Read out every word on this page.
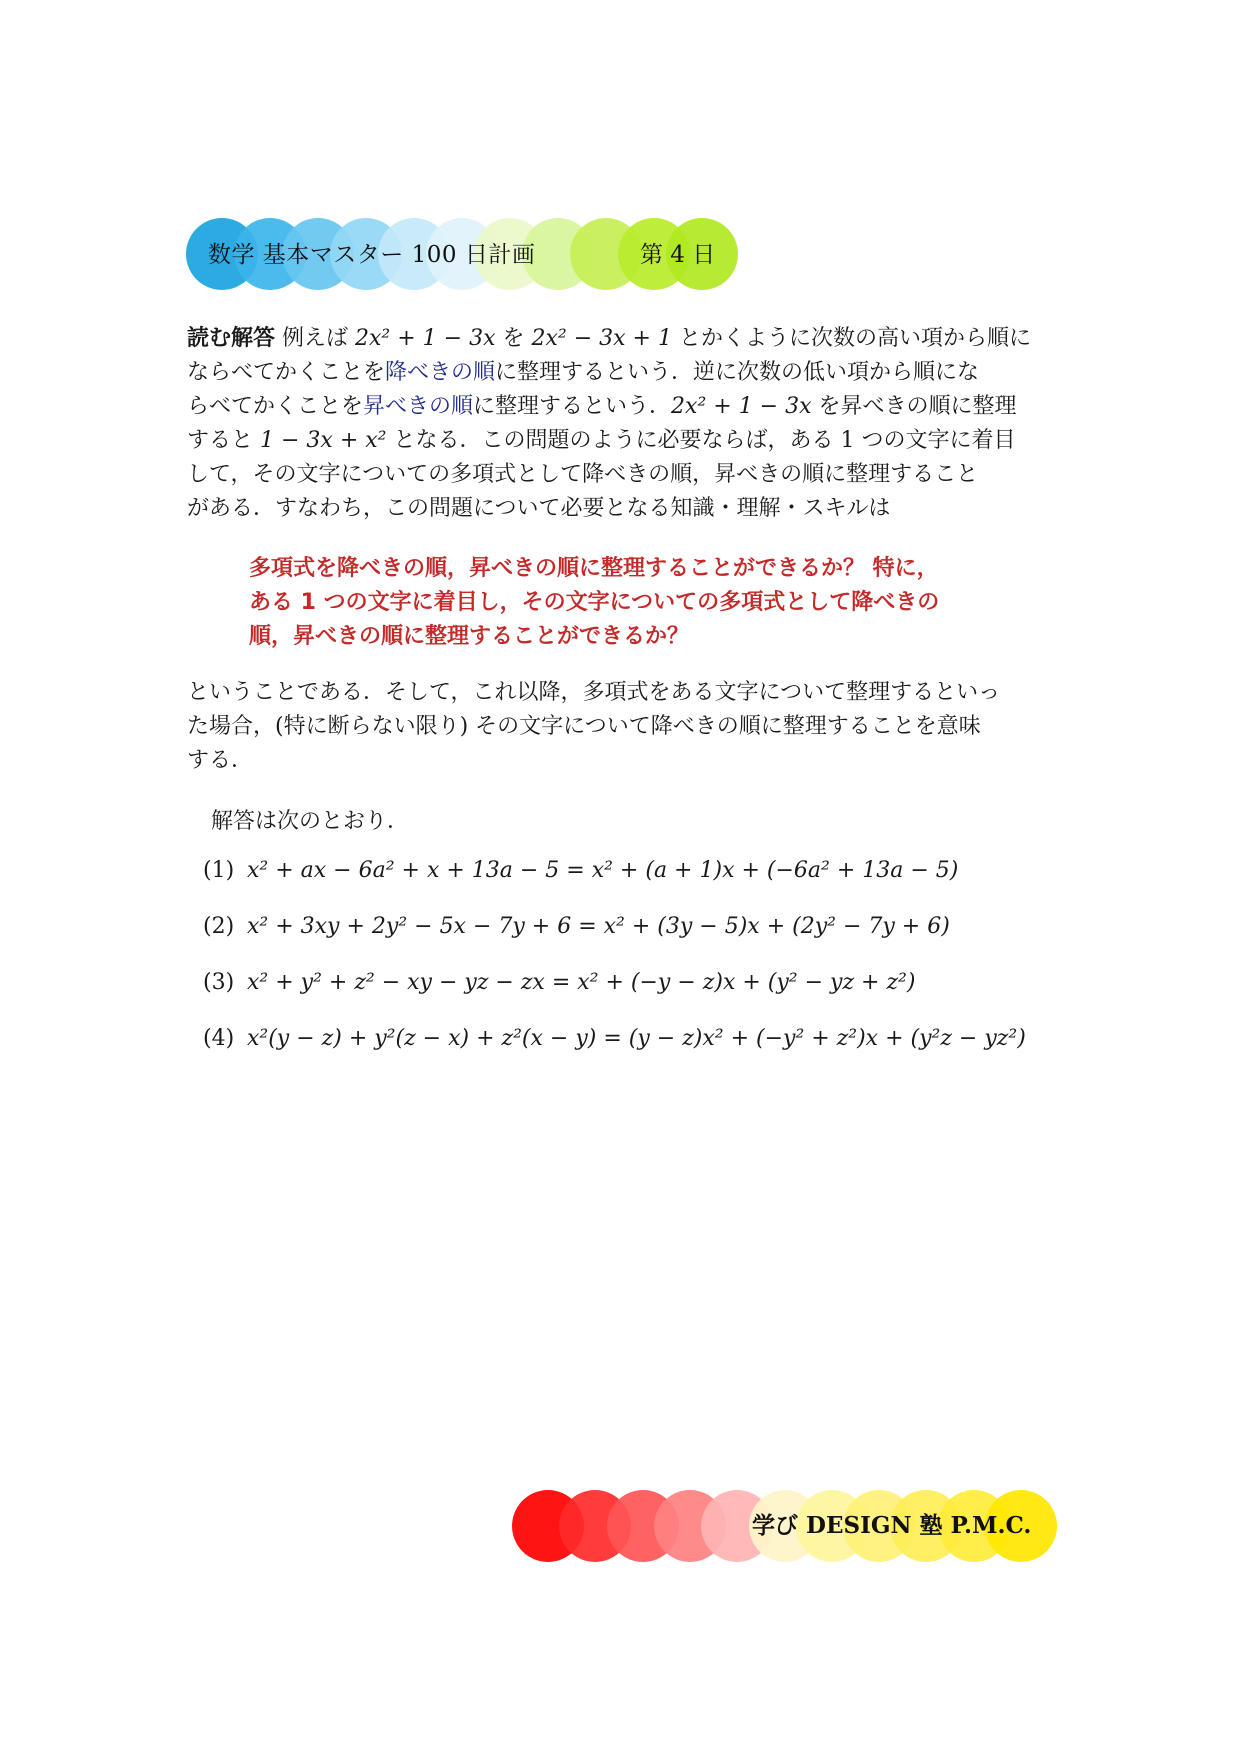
数学 基本マスター 100 日計画	第 4 日
読む解答 例えば 2x² + 1 − 3x を 2x² − 3x + 1 とかくように次数の高い項から順に
ならべてかくことを降べきの順に整理するという．逆に次数の低い項から順にな
らべてかくことを昇べきの順に整理するという．2x² + 1 − 3x を昇べきの順に整理
すると 1 − 3x + x² となる．この問題のように必要ならば，ある 1 つの文字に着目
して，その文字についての多項式として降べきの順，昇べきの順に整理すること
がある．すなわち，この問題について必要となる知識・理解・スキルは
多項式を降べきの順，昇べきの順に整理することができるか？ 特に，
ある 1 つの文字に着目し，その文字についての多項式として降べきの
順，昇べきの順に整理することができるか？
ということである．そして，これ以降，多項式をある文字について整理するといっ
た場合，(特に断らない限り) その文字について降べきの順に整理することを意味
する．
解答は次のとおり．
(1) x² + ax − 6a² + x + 13a − 5 = x² + (a + 1)x + (−6a² + 13a − 5)
(2) x² + 3xy + 2y² − 5x − 7y + 6 = x² + (3y − 5)x + (2y² − 7y + 6)
(3) x² + y² + z² − xy − yz − zx = x² + (−y − z)x + (y² − yz + z²)
(4) x²(y − z) + y²(z − x) + z²(x − y) = (y − z)x² + (−y² + z²)x + (y²z − yz²)
学び DESIGN 塾 P.M.C.
